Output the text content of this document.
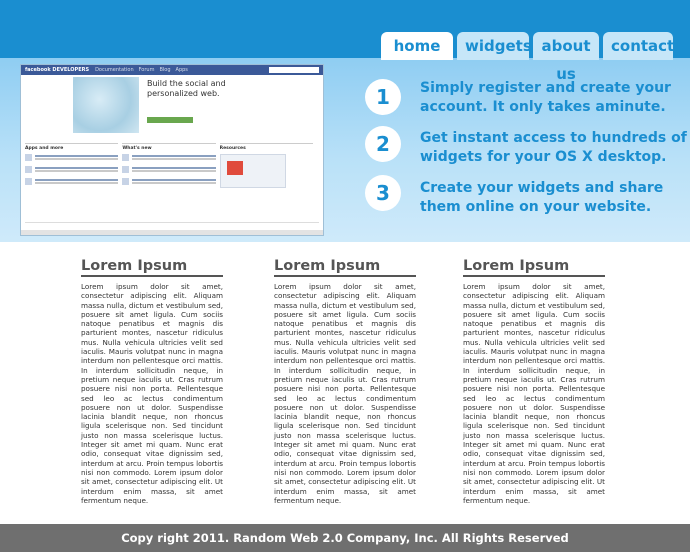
home	widgets about us
contact
facebook DEVELOPERS Documentation Forum Blog Apps
Build the social and personalized web.
Apps and more	What's new	Resources
1	Simply register and create your account. It only takes aminute.
2	Get instant access to hundreds of widgets for your OS X desktop.
3	Create your widgets and share them online on your website.
Lorem Ipsum

Lorem ipsum dolor sit amet, consectetur adipiscing elit. Aliquam massa nulla, dictum et vestibulum sed, posuere sit amet ligula. Cum sociis natoque penatibus et magnis dis parturient montes, nascetur ridiculus mus. Nulla vehicula ultricies velit sed iaculis. Mauris volutpat nunc in magna interdum non pellentesque orci mattis. In interdum sollicitudin neque, in pretium neque iaculis ut. Cras rutrum posuere nisi non porta. Pellentesque sed leo ac lectus condimentum posuere non ut dolor. Suspendisse lacinia blandit neque, non rhoncus ligula scelerisque non. Sed tincidunt justo non massa scelerisque luctus. Integer sit amet mi quam. Nunc erat odio, consequat vitae dignissim sed, interdum at arcu. Proin tempus lobortis nisi non commodo. Lorem ipsum dolor sit amet, consectetur adipiscing elit. Ut interdum enim massa, sit amet fermentum neque.

Lorem Ipsum

Lorem ipsum dolor sit amet, consectetur adipiscing elit. Aliquam massa nulla, dictum et vestibulum sed, posuere sit amet ligula. Cum sociis natoque penatibus et magnis dis parturient montes, nascetur ridiculus mus. Nulla vehicula ultricies velit sed iaculis. Mauris volutpat nunc in magna interdum non pellentesque orci mattis. In interdum sollicitudin neque, in pretium neque iaculis ut. Cras rutrum posuere nisi non porta. Pellentesque sed leo ac lectus condimentum posuere non ut dolor. Suspendisse lacinia blandit neque, non rhoncus ligula scelerisque non. Sed tincidunt justo non massa scelerisque luctus. Integer sit amet mi quam. Nunc erat odio, consequat vitae dignissim sed, interdum at arcu. Proin tempus lobortis nisi non commodo. Lorem ipsum dolor sit amet, consectetur adipiscing elit. Ut interdum enim massa, sit amet fermentum neque.

Lorem Ipsum

Lorem ipsum dolor sit amet, consectetur adipiscing elit. Aliquam massa nulla, dictum et vestibulum sed, posuere sit amet ligula. Cum sociis natoque penatibus et magnis dis parturient montes, nascetur ridiculus mus. Nulla vehicula ultricies velit sed iaculis. Mauris volutpat nunc in magna interdum non pellentesque orci mattis. In interdum sollicitudin neque, in pretium neque iaculis ut. Cras rutrum posuere nisi non porta. Pellentesque sed leo ac lectus condimentum posuere non ut dolor. Suspendisse lacinia blandit neque, non rhoncus ligula scelerisque non. Sed tincidunt justo non massa scelerisque luctus. Integer sit amet mi quam. Nunc erat odio, consequat vitae dignissim sed, interdum at arcu. Proin tempus lobortis nisi non commodo. Lorem ipsum dolor sit amet, consectetur adipiscing elit. Ut interdum enim massa, sit amet fermentum neque.

Copy right 2011. Random Web 2.0 Company, Inc. All Rights Reserved
